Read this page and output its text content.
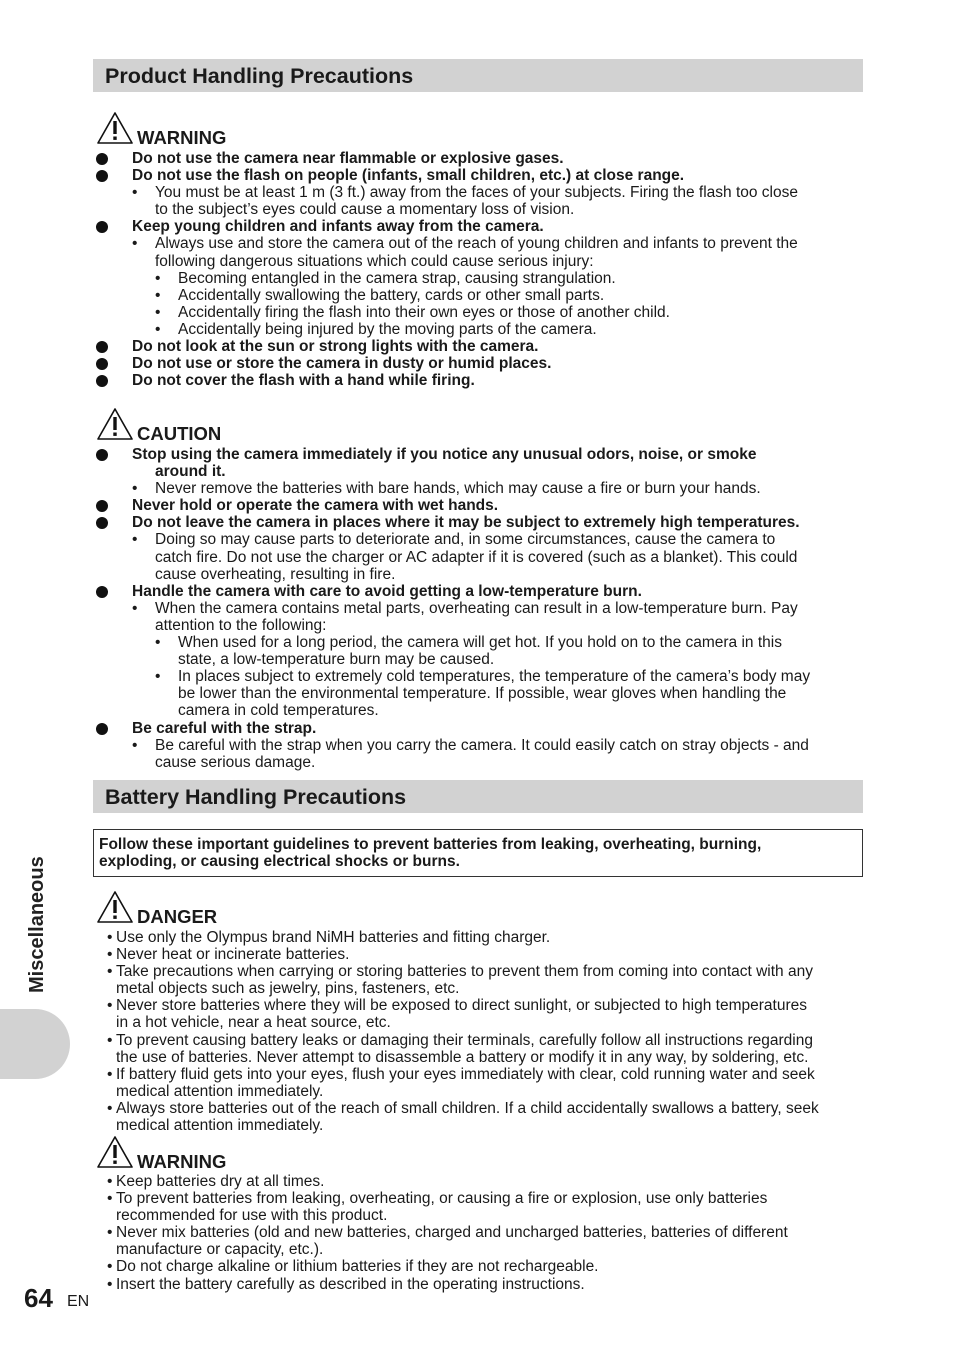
Product Handling Precautions
WARNING
Do not use the camera near flammable or explosive gases.
Do not use the flash on people (infants, small children, etc.) at close range.
• You must be at least 1 m (3 ft.) away from the faces of your subjects. Firing the flash too close
to the subject’s eyes could cause a momentary loss of vision.
Keep young children and infants away from the camera.
• Always use and store the camera out of the reach of young children and infants to prevent the
following dangerous situations which could cause serious injury:
• Becoming entangled in the camera strap, causing strangulation.
• Accidentally swallowing the battery, cards or other small parts.
• Accidentally firing the flash into their own eyes or those of another child.
• Accidentally being injured by the moving parts of the camera.
Do not look at the sun or strong lights with the camera.
Do not use or store the camera in dusty or humid places.
Do not cover the flash with a hand while firing.
CAUTION
Stop using the camera immediately if you notice any unusual odors, noise, or smoke
around it.
• Never remove the batteries with bare hands, which may cause a fire or burn your hands.
Never hold or operate the camera with wet hands.
Do not leave the camera in places where it may be subject to extremely high temperatures.
• Doing so may cause parts to deteriorate and, in some circumstances, cause the camera to
catch fire. Do not use the charger or AC adapter if it is covered (such as a blanket). This could
cause overheating, resulting in fire.
Handle the camera with care to avoid getting a low-temperature burn.
• When the camera contains metal parts, overheating can result in a low-temperature burn. Pay
attention to the following:
• When used for a long period, the camera will get hot. If you hold on to the camera in this
state, a low-temperature burn may be caused.
• In places subject to extremely cold temperatures, the temperature of the camera’s body may
be lower than the environmental temperature. If possible, wear gloves when handling the
camera in cold temperatures.
Be careful with the strap.
• Be careful with the strap when you carry the camera. It could easily catch on stray objects - and
cause serious damage.
Battery Handling Precautions
Follow these important guidelines to prevent batteries from leaking, overheating, burning,
exploding, or causing electrical shocks or burns.
DANGER
• Use only the Olympus brand NiMH batteries and fitting charger.
• Never heat or incinerate batteries.
• Take precautions when carrying or storing batteries to prevent them from coming into contact with any
metal objects such as jewelry, pins, fasteners, etc.
• Never store batteries where they will be exposed to direct sunlight, or subjected to high temperatures
in a hot vehicle, near a heat source, etc.
• To prevent causing battery leaks or damaging their terminals, carefully follow all instructions regarding
the use of batteries. Never attempt to disassemble a battery or modify it in any way, by soldering, etc.
• If battery fluid gets into your eyes, flush your eyes immediately with clear, cold running water and seek
medical attention immediately.
• Always store batteries out of the reach of small children. If a child accidentally swallows a battery, seek
medical attention immediately.
WARNING
• Keep batteries dry at all times.
• To prevent batteries from leaking, overheating, or causing a fire or explosion, use only batteries
recommended for use with this product.
• Never mix batteries (old and new batteries, charged and uncharged batteries, batteries of different
manufacture or capacity, etc.).
• Do not charge alkaline or lithium batteries if they are not rechargeable.
• Insert the battery carefully as described in the operating instructions.
Miscellaneous
64 EN
